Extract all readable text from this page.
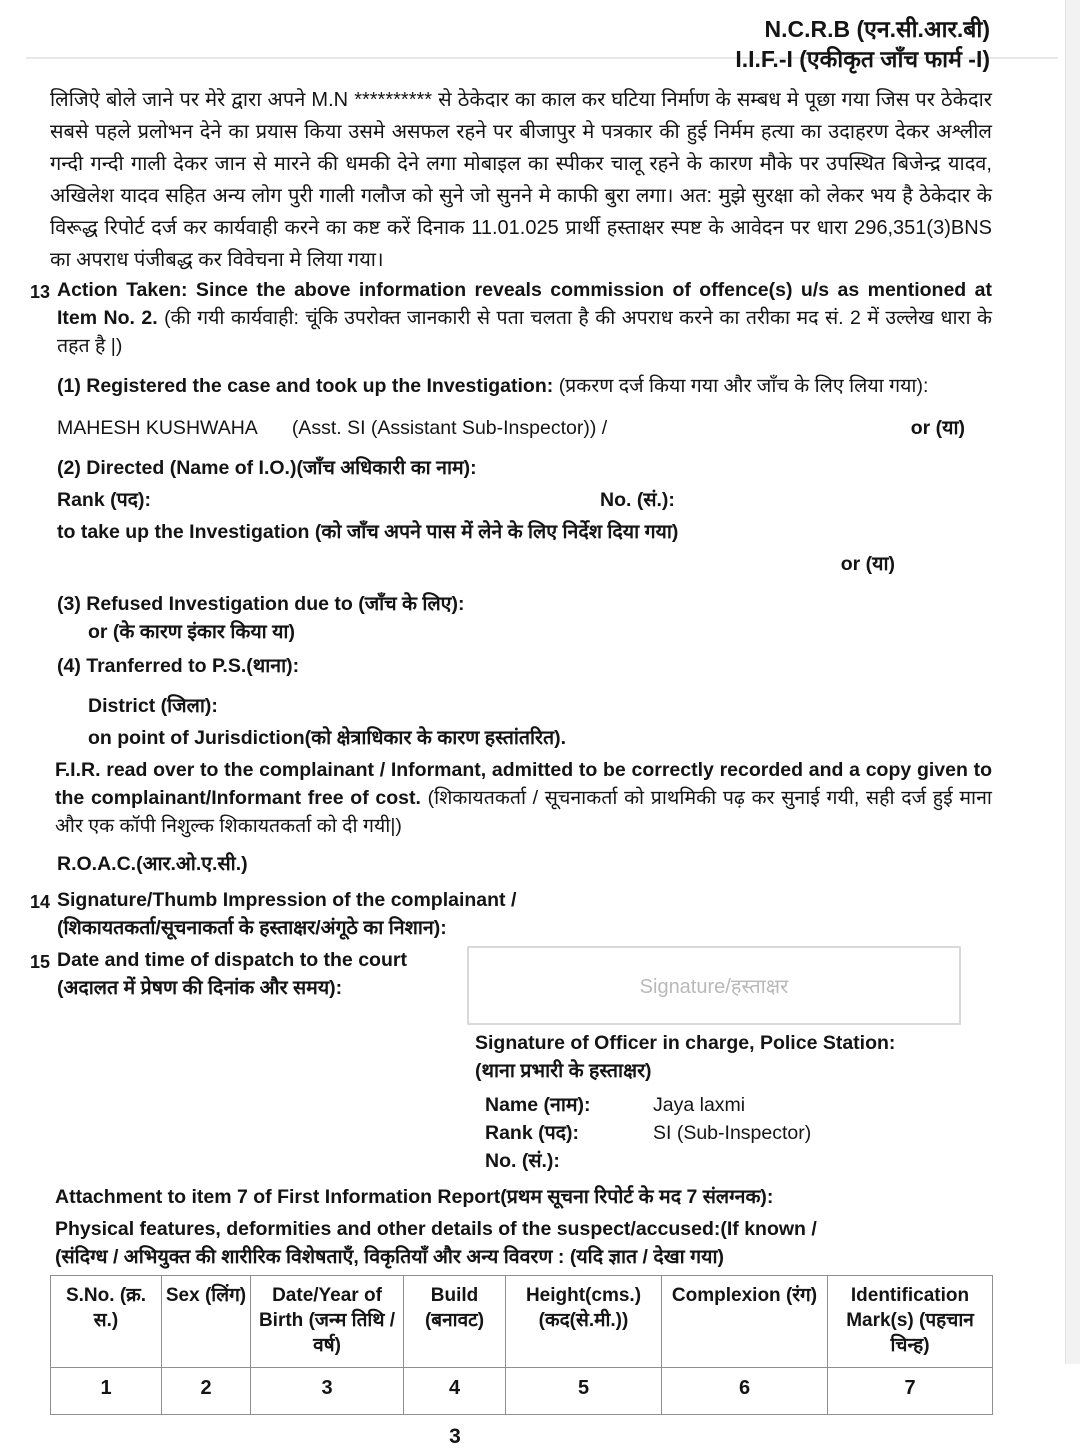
N.C.R.B (एन.सी.आर.बी)
I.I.F.-I (एकीकृत जाँच फार्म -I)
लिजिऐ बोले जाने पर मेरे द्वारा अपने M.N ********** से ठेकेदार का काल कर घटिया निर्माण के सम्बध मे पूछा गया जिस पर ठेकेदार सबसे पहले प्रलोभन देने का प्रयास किया उसमे असफल रहने पर बीजापुर मे पत्रकार की हुई निर्मम हत्या का उदाहरण देकर अश्लील गन्दी गन्दी गाली देकर जान से मारने की धमकी देने लगा मोबाइल का स्पीकर चालू रहने के कारण मौके पर उपस्थित बिजेन्द्र यादव, अखिलेश यादव सहित अन्य लोग पुरी गाली गलौज को सुने जो सुनने मे काफी बुरा लगा। अत: मुझे सुरक्षा को लेकर भय है ठेकेदार के विरूद्ध रिपोर्ट दर्ज कर कार्यवाही करने का कष्ट करें दिनाक 11.01.025 प्रार्थी हस्ताक्षर स्पष्ट के आवेदन पर धारा 296,351(3)BNS का अपराध पंजीबद्ध कर विवेचना मे लिया गया।
13 Action Taken: Since the above information reveals commission of offence(s) u/s as mentioned at Item No. 2. (की गयी कार्यवाही: चूंकि उपरोक्त जानकारी से पता चलता है की अपराध करने का तरीका मद सं. 2 में उल्लेख धारा के तहत है |)
(1) Registered the case and took up the Investigation: (प्रकरण दर्ज किया गया और जाँच के लिए लिया गया):
MAHESH KUSHWAHA (Asst. SI (Assistant Sub-Inspector)) /	or (या)
(2) Directed (Name of I.O.)(जाँच अधिकारी का नाम):
Rank (पद):	No. (सं.):
to take up the Investigation (को जाँच अपने पास में लेने के लिए निर्देश दिया गया)
or (या)
(3) Refused Investigation due to (जाँच के लिए):
or (के कारण इंकार किया या)
(4) Tranferred to P.S.(थाना):
District (जिला):
on point of Jurisdiction(को क्षेत्राधिकार के कारण हस्तांतरित).
F.I.R. read over to the complainant / Informant, admitted to be correctly recorded and a copy given to the complainant/Informant free of cost. (शिकायतकर्ता / सूचनाकर्ता को प्राथमिकी पढ़ कर सुनाई गयी, सही दर्ज हुई माना और एक कॉपी निशुल्क शिकायतकर्ता को दी गयी|)
R.O.A.C.(आर.ओ.ए.सी.)
14 Signature/Thumb Impression of the complainant /
(शिकायतकर्ता/सूचनाकर्ता के हस्ताक्षर/अंगूठे का निशान):
15 Date and time of dispatch to the court
(अदालत में प्रेषण की दिनांक और समय):	Signature/हस्ताक्षर
Signature of Officer in charge, Police Station:
(थाना प्रभारी के हस्ताक्षर)
Name (नाम):	Jaya laxmi
Rank (पद):	SI (Sub-Inspector)
No. (सं.):
Attachment to item 7 of First Information Report(प्रथम सूचना रिपोर्ट के मद 7 संलग्नक):
Physical features, deformities and other details of the suspect/accused:(If known /
(संदिग्ध / अभियुक्त की शारीरिक विशेषताएँ, विकृतियाँ और अन्य विवरण : (यदि ज्ञात / देखा गया)
S.No. (क्र. स.)	Sex (लिंग)	Date/Year of Birth (जन्म तिथि / वर्ष)	Build (बनावट)	Height(cms.) (कद(से.मी.))	Complexion (रंग)	Identification Mark(s) (पहचान चिन्ह)
1	2	3	4	5	6	7
3
